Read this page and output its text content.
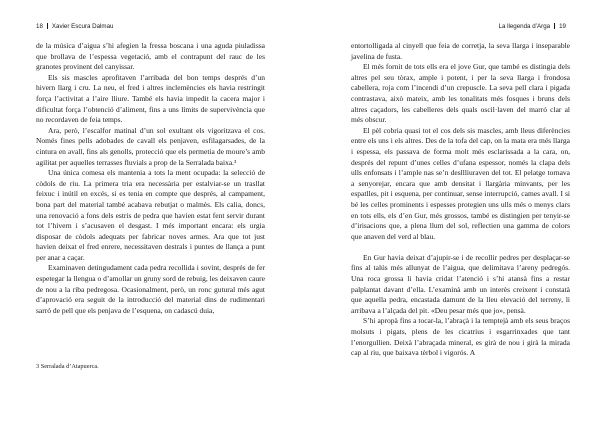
18 Xavier Escura Dalmau

de la música d’aigua s’hi afegien la fressa boscana i una aguda piuladissa que brollava de l’espessa vegetació, amb el contrapunt del rauc de les granotes provinent del canyissar.

Els sis mascles aprofitaven l’arribada del bon temps després d’un hivern llarg i cru. La neu, el fred i altres inclemències els havia restringit força l’activitat a l’aire lliure. També els havia impedit la cacera major i dificultat força l’obtenció d’aliment, fins a uns límits de supervivència que no recordaven de feia temps.

Ara, però, l’escalfor matinal d’un sol exultant els vigoritzava el cos. Només fines pells adobades de cavall els penjaven, esfilagarsades, de la cintura en avall, fins als genolls, protecció que els permetia de moure’s amb agilitat per aquelles terrasses fluvials a prop de la Serralada baixa.³

Una única comesa els mantenia a tots la ment ocupada: la selecció de còdols de riu. La primera tria era necessària per estalviar-se un trasllat feixuc i inútil en excés, si es tenia en compte que després, al campament, bona part del material també acabava rebutjat o malmès. Els calia, doncs, una renovació a fons dels estris de pedra que havien estat fent servir durant tot l’hivern i s’acusaven el desgast. I més important encara: els urgia disposar de còdols adequats per fabricar noves armes. Ara que tot just havien deixat el fred enrere, necessitaven destrals i puntes de llança a punt per anar a caçar.

Examinaven detingudament cada pedra recollida i sovint, després de fer espetegar la llengua o d’amollar un gruny sord de rebuig, les deixaven caure de nou a la riba pedregosa. Ocasionalment, però, un ronc gutural més agut d’aprovació era seguit de la introducció del material dins de rudimentari sarró de pell que els penjava de l’esquena, on cadascú duia,

3 Serralada d’Atapuerca.
La llegenda d’Arga 19

entortolligada al cinyell que feia de corretja, la seva llarga i inseparable javelina de fusta.

El més fornit de tots ells era el jove Gur, que també es distingia dels altres pel seu tòrax, ample i potent, i per la seva llarga i frondosa cabellera, roja com l’incendi d’un crepuscle. La seva pell clara i pigada contrastava, això mateix, amb les tonalitats més fosques i bruns dels altres caçadors, les cabelleres dels quals oscil·laven del marró clar al més obscur.

El pèl cobria quasi tot el cos dels sis mascles, amb lleus diferències entre els uns i els altres. Des de la tofa del cap, on la mata era més llarga i espessa, els passava de forma molt més esclarissada a la cara, on, després del repunt d’unes celles d’ufana espessor, només la clapa dels ulls enfonsats i l’ample nas se’n desllliuraven del tot. El pelatge tornava a senyorejar, encara que amb densitat i llargària minvants, per les espatlles, pit i esquena, per continuar, sense interrupció, cames avall. I si bé les celles prominents i espesses protegien uns ulls més o menys clars en tots ells, els d’en Gur, més grossos, també es distingien per tenyir-se d’irisacions que, a plena llum del sol, reflectien una gamma de colors que anaven del verd al blau.

En Gur havia deixat d’ajupir-se i de recollir pedres per desplaçar-se fins al talús més allunyat de l’aigua, que delimitava l’areny pedregós. Una roca grossa li havia cridat l’atenció i s’hi atansà fins a restar palplantat davant d’ella. L’examinà amb un interès creixent i constatà que aquella pedra, encastada damunt de la lleu elevació del terreny, li arribava a l’alçada del pit. «Deu pesar més que jo», pensà.

S’hi apropà fins a tocar-la, l’abraçà i la temptejà amb els seus braços molsuts i pigats, plens de les cicatrius i esgarrinxades que tant l’enorgullien. Deixà l’abraçada mineral, es girà de nou i girà la mirada cap al riu, que baixava tèrbol i vigorós. A
